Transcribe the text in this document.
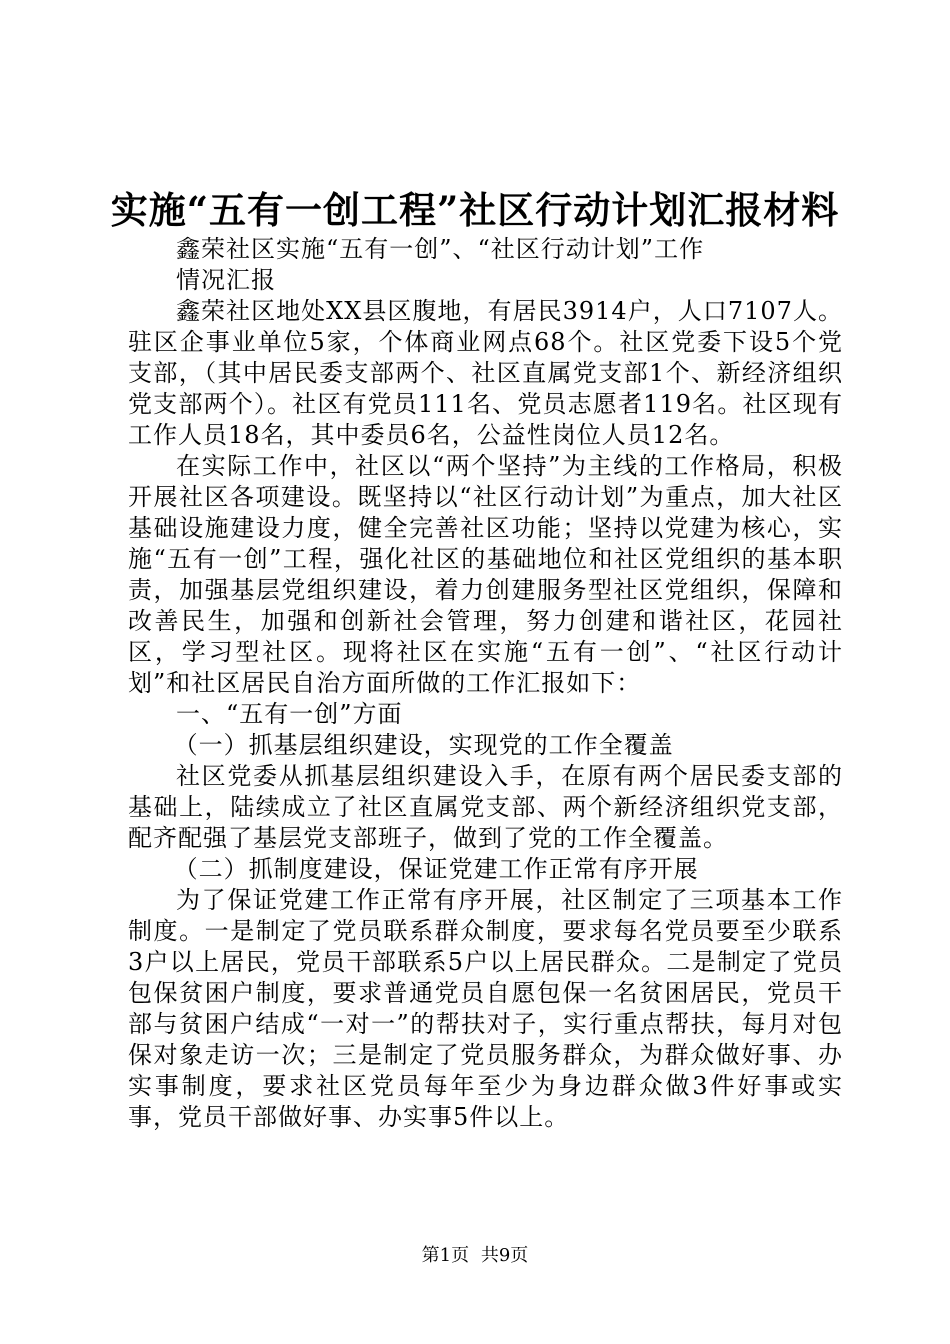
实施“五有一创工程”社区行动计划汇报材料

鑫荣社区实施“五有一创”、“社区行动计划”工作

情况汇报

鑫荣社区地处XX县区腹地，有居民3914户，人口7107人。驻区企事业单位5家，个体商业网点68个。社区党委下设5个党支部，（其中居民委支部两个、社区直属党支部1个、新经济组织党支部两个）。社区有党员111名、党员志愿者119名。社区现有工作人员18名，其中委员6名，公益性岗位人员12名。

在实际工作中，社区以“两个坚持”为主线的工作格局，积极开展社区各项建设。既坚持以“社区行动计划”为重点，加大社区基础设施建设力度，健全完善社区功能；坚持以党建为核心，实施“五有一创”工程，强化社区的基础地位和社区党组织的基本职责，加强基层党组织建设，着力创建服务型社区党组织，保障和改善民生，加强和创新社会管理，努力创建和谐社区，花园社区，学习型社区。现将社区在实施“五有一创”、“社区行动计划”和社区居民自治方面所做的工作汇报如下：

一、“五有一创”方面

（一）抓基层组织建设，实现党的工作全覆盖

社区党委从抓基层组织建设入手，在原有两个居民委支部的基础上，陆续成立了社区直属党支部、两个新经济组织党支部，配齐配强了基层党支部班子，做到了党的工作全覆盖。

（二）抓制度建设，保证党建工作正常有序开展

为了保证党建工作正常有序开展，社区制定了三项基本工作制度。一是制定了党员联系群众制度，要求每名党员要至少联系3户以上居民，党员干部联系5户以上居民群众。二是制定了党员包保贫困户制度，要求普通党员自愿包保一名贫困居民，党员干部与贫困户结成“一对一”的帮扶对子，实行重点帮扶，每月对包保对象走访一次；三是制定了党员服务群众，为群众做好事、办实事制度，要求社区党员每年至少为身边群众做3件好事或实事，党员干部做好事、办实事5件以上。

第1页 共9页
